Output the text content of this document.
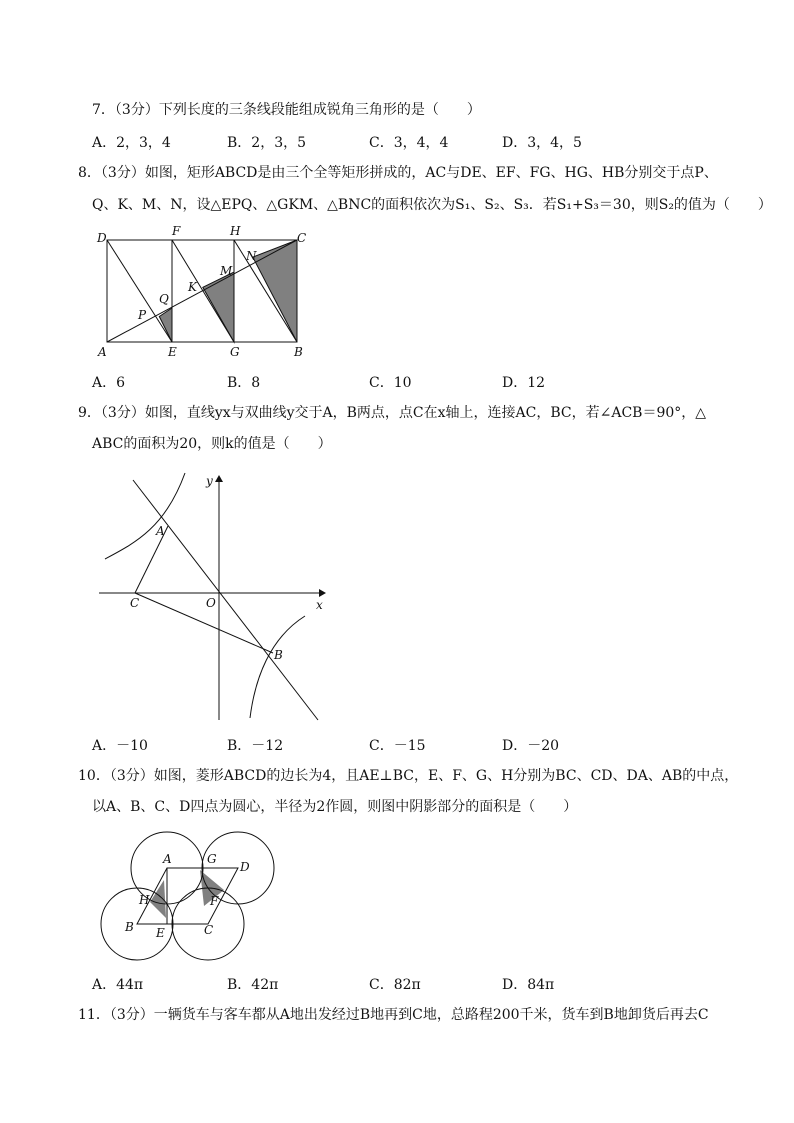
7．（3分）下列长度的三条线段能组成锐角三角形的是（　　）
A．2，3，4	B．2，3，5	C．3，4，4	D．3，4，5
8．（3分）如图，矩形ABCD是由三个全等矩形拼成的，AC与DE、EF、FG、HG、HB分别交于点P、
Q、K、M、N，设△EPQ、△GKM、△BNC的面积依次为S₁、S₂、S₃．若S₁+S₃＝30，则S₂的值为（　　）
D	F	H	C
A	E	G	B
P
Q
K
M
N
A．6	B．8	C．10	D．12
9．（3分）如图，直线yx与双曲线y交于A，B两点，点C在x轴上，连接AC，BC，若∠ACB＝90°，△
ABC的面积为20，则k的值是（　　）
y
x
O
A
B
C
A．－10	B．－12	C．－15	D．－20
10．（3分）如图，菱形ABCD的边长为4，且AE⊥BC，E、F、G、H分别为BC、CD、DA、AB的中点，
以A、B、C、D四点为圆心，半径为2作圆，则图中阴影部分的面积是（　　）
A	G
D
H	F
B E	C
A．44π	B．42π	C．82π	D．84π
11．（3分）一辆货车与客车都从A地出发经过B地再到C地，总路程200千米，货车到B地卸货后再去C
